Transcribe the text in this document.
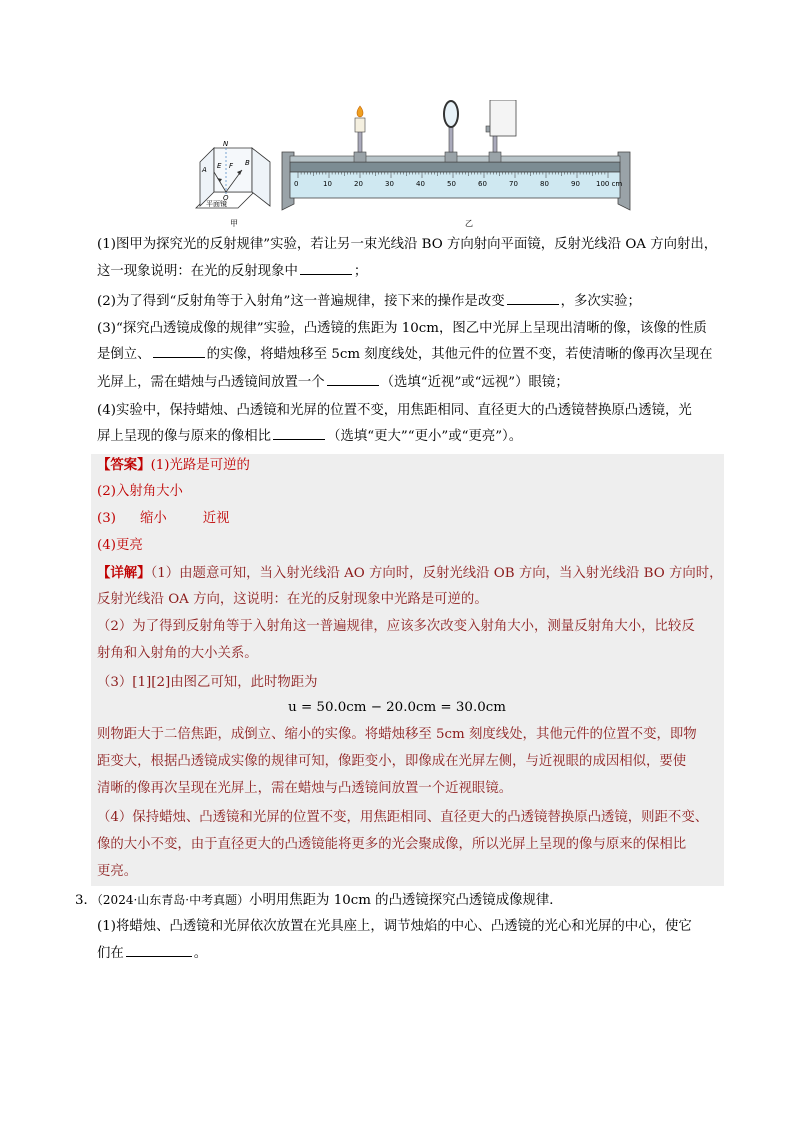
N
A E F B
O
平面镜
甲
0	10	20	30	40	50	60	70	80	90 100 cm
乙
(1)图甲为探究光的反射规律”实验，若让另一束光线沿 BO 方向射向平面镜，反射光线沿 OA 方向射出，
这一现象说明：在光的反射现象中	；
(2)为了得到“反射角等于入射角”这一普遍规律，接下来的操作是改变	，多次实验；
(3)“探究凸透镜成像的规律”实验，凸透镜的焦距为 10cm，图乙中光屏上呈现出清晰的像，该像的性质
是倒立、	的实像，将蜡烛移至 5cm 刻度线处，其他元件的位置不变，若使清晰的像再次呈现在
光屏上，需在蜡烛与凸透镜间放置一个	（选填“近视”或“远视”）眼镜；
(4)实验中，保持蜡烛、凸透镜和光屏的位置不变，用焦距相同、直径更大的凸透镜替换原凸透镜，光
屏上呈现的像与原来的像相比	（选填“更大”“更小”或“更亮”）。
【答案】(1)光路是可逆的
(2)入射角大小
(3) 缩小	近视
(4)更亮
【详解】（1）由题意可知，当入射光线沿 AO 方向时，反射光线沿 OB 方向，当入射光线沿 BO 方向时，
反射光线沿 OA 方向，这说明：在光的反射现象中光路是可逆的。
（2）为了得到反射角等于入射角这一普遍规律，应该多次改变入射角大小，测量反射角大小，比较反
射角和入射角的大小关系。
（3）[1][2]由图乙可知，此时物距为
u = 50.0cm − 20.0cm = 30.0cm
则物距大于二倍焦距，成倒立、缩小的实像。将蜡烛移至 5cm 刻度线处，其他元件的位置不变，即物
距变大，根据凸透镜成实像的规律可知，像距变小，即像成在光屏左侧，与近视眼的成因相似，要使
清晰的像再次呈现在光屏上，需在蜡烛与凸透镜间放置一个近视眼镜。
（4）保持蜡烛、凸透镜和光屏的位置不变，用焦距相同、直径更大的凸透镜替换原凸透镜，则距不变、
像的大小不变，由于直径更大的凸透镜能将更多的光会聚成像，所以光屏上呈现的像与原来的保相比
更亮。
3．（2024·山东青岛·中考真题）小明用焦距为 10cm 的凸透镜探究凸透镜成像规律．
(1)将蜡烛、凸透镜和光屏依次放置在光具座上，调节烛焰的中心、凸透镜的光心和光屏的中心，使它
们在	。
